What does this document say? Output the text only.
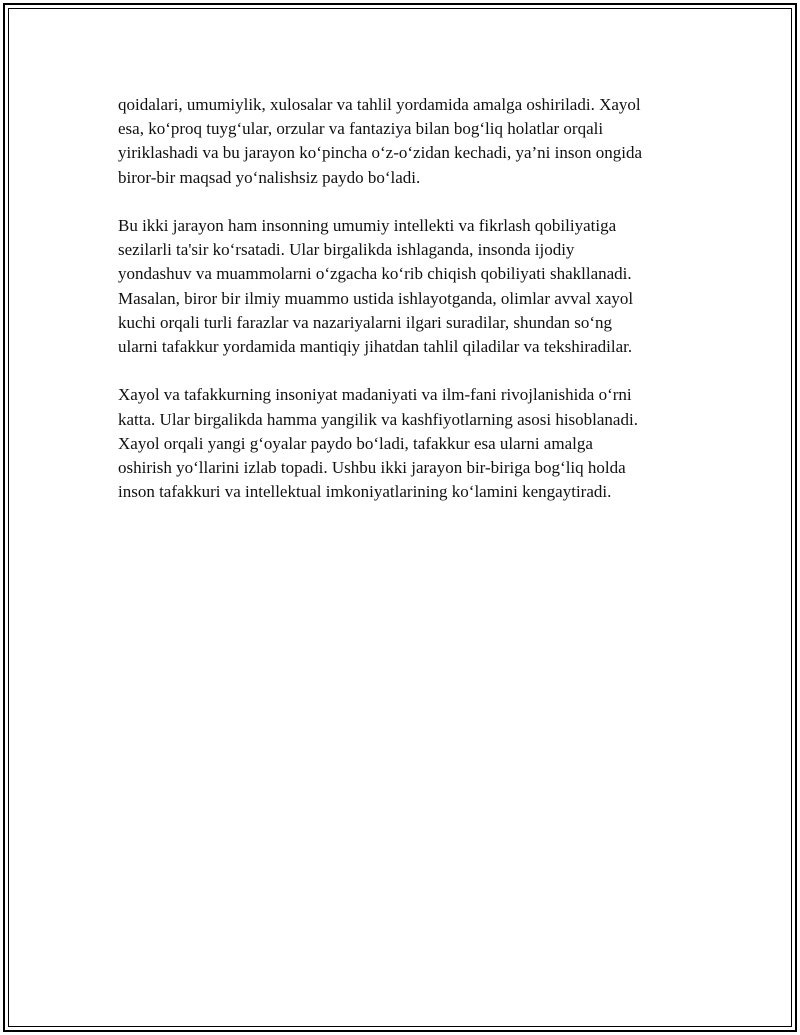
qoidalari, umumiylik, xulosalar va tahlil yordamida amalga oshiriladi. Xayol
esa, ko‘proq tuyg‘ular, orzular va fantaziya bilan bog‘liq holatlar orqali
yiriklashadi va bu jarayon ko‘pincha o‘z-o‘zidan kechadi, ya’ni inson ongida
biror-bir maqsad yo‘nalishsiz paydo bo‘ladi.

Bu ikki jarayon ham insonning umumiy intellekti va fikrlash qobiliyatiga
sezilarli ta'sir ko‘rsatadi. Ular birgalikda ishlaganda, insonda ijodiy
yondashuv va muammolarni o‘zgacha ko‘rib chiqish qobiliyati shakllanadi.
Masalan, biror bir ilmiy muammo ustida ishlayotganda, olimlar avval xayol
kuchi orqali turli farazlar va nazariyalarni ilgari suradilar, shundan so‘ng
ularni tafakkur yordamida mantiqiy jihatdan tahlil qiladilar va tekshiradilar.

Xayol va tafakkurning insoniyat madaniyati va ilm-fani rivojlanishida o‘rni
katta. Ular birgalikda hamma yangilik va kashfiyotlarning asosi hisoblanadi.
Xayol orqali yangi g‘oyalar paydo bo‘ladi, tafakkur esa ularni amalga
oshirish yo‘llarini izlab topadi. Ushbu ikki jarayon bir-biriga bog‘liq holda
inson tafakkuri va intellektual imkoniyatlarining ko‘lamini kengaytiradi.
